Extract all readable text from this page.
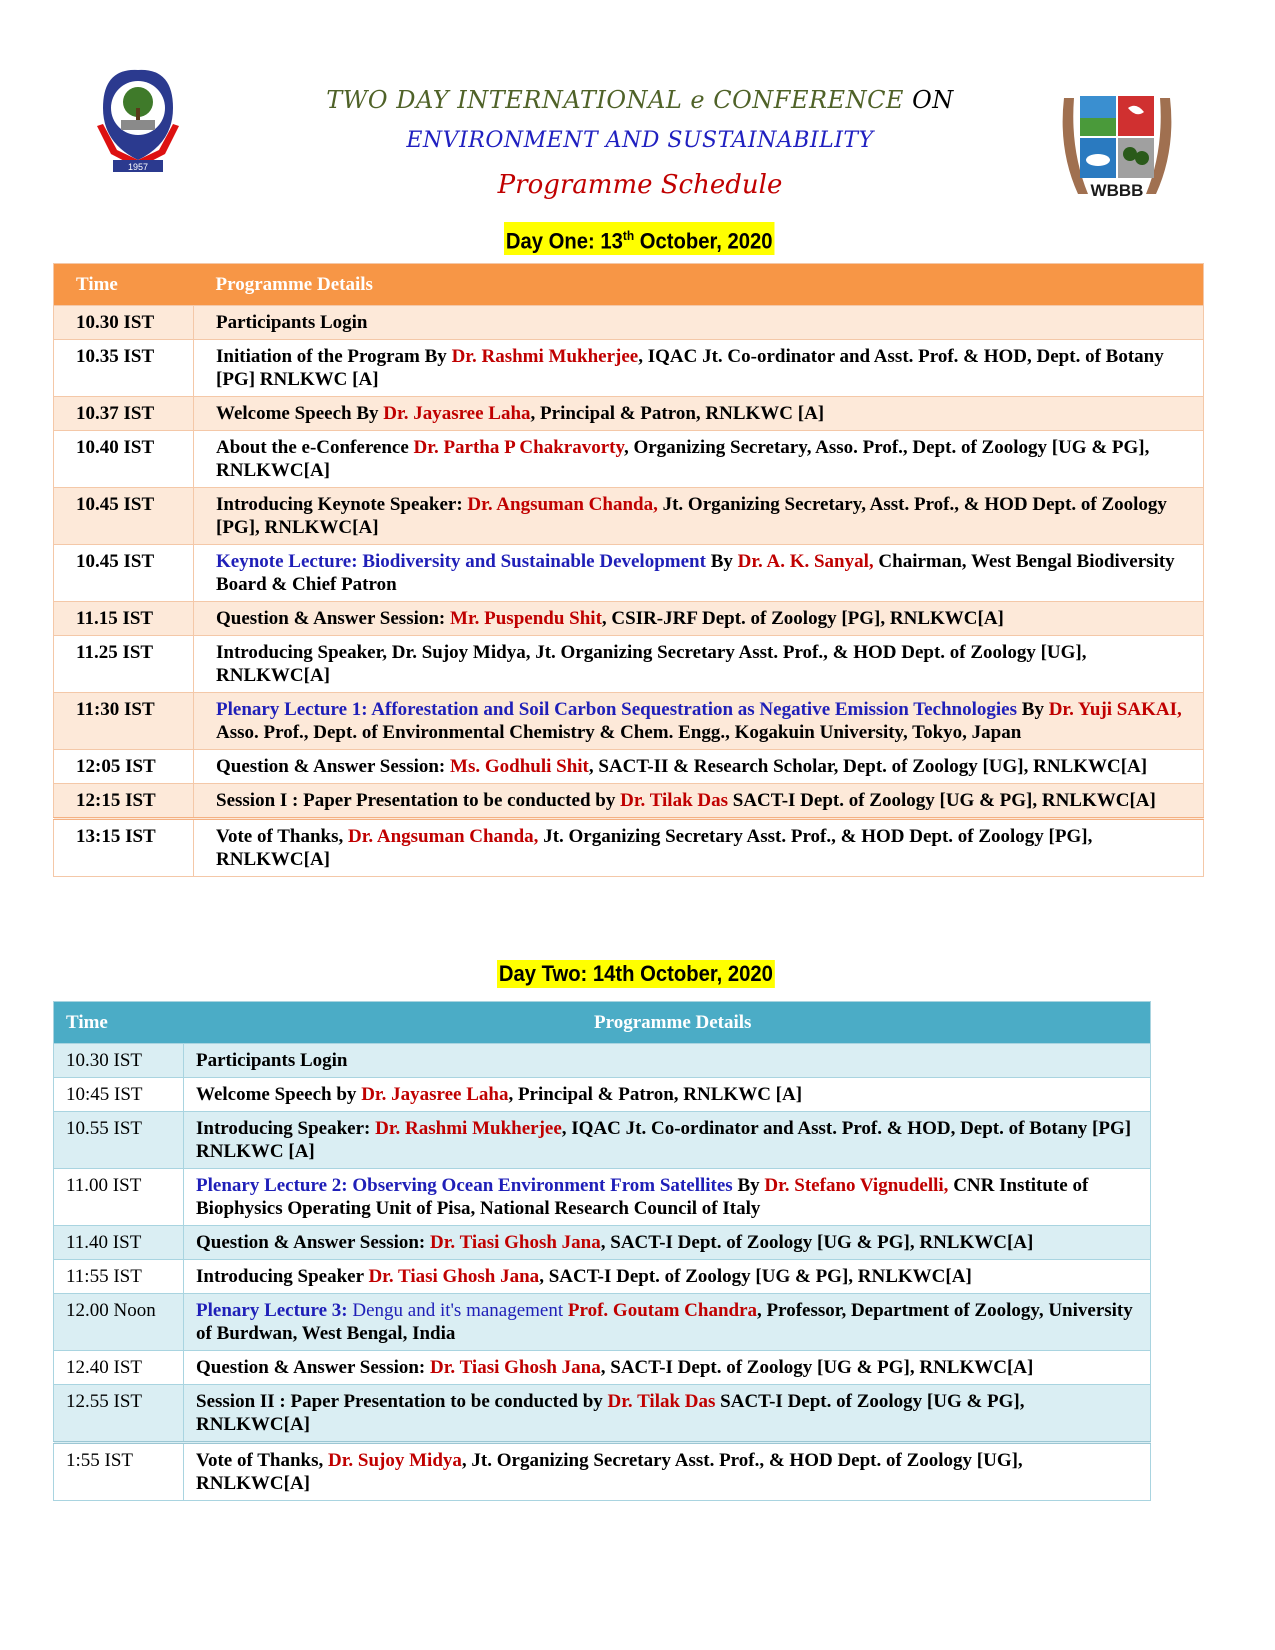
1957
WBBB
TWO DAY INTERNATIONAL e CONFERENCE ON
ENVIRONMENT AND SUSTAINABILITY
Programme Schedule
Day One: 13th October, 2020
Time	Programme Details
10.30 IST	Participants Login
10.35 IST	Initiation of the Program By Dr. Rashmi Mukherjee, IQAC Jt. Co-ordinator and Asst. Prof. & HOD, Dept. of Botany [PG] RNLKWC [A]
10.37 IST	Welcome Speech By Dr. Jayasree Laha, Principal & Patron, RNLKWC [A]
10.40 IST	About the e-Conference Dr. Partha P Chakravorty, Organizing Secretary, Asso. Prof., Dept. of Zoology [UG & PG], RNLKWC[A]
10.45 IST	Introducing Keynote Speaker: Dr. Angsuman Chanda, Jt. Organizing Secretary, Asst. Prof., & HOD Dept. of Zoology [PG], RNLKWC[A]
10.45 IST	Keynote Lecture: Biodiversity and Sustainable Development By Dr. A. K. Sanyal, Chairman, West Bengal Biodiversity Board & Chief Patron
11.15 IST	Question & Answer Session: Mr. Puspendu Shit, CSIR-JRF Dept. of Zoology [PG], RNLKWC[A]
11.25 IST	Introducing Speaker, Dr. Sujoy Midya, Jt. Organizing Secretary Asst. Prof., & HOD Dept. of Zoology [UG], RNLKWC[A]
11:30 IST	Plenary Lecture 1: Afforestation and Soil Carbon Sequestration as Negative Emission Technologies By Dr. Yuji SAKAI, Asso. Prof., Dept. of Environmental Chemistry & Chem. Engg., Kogakuin University, Tokyo, Japan
12:05 IST	Question & Answer Session: Ms. Godhuli Shit, SACT-II & Research Scholar, Dept. of Zoology [UG], RNLKWC[A]
12:15 IST	Session I : Paper Presentation to be conducted by Dr. Tilak Das SACT-I Dept. of Zoology [UG & PG], RNLKWC[A]
13:15 IST	Vote of Thanks, Dr. Angsuman Chanda, Jt. Organizing Secretary Asst. Prof., & HOD Dept. of Zoology [PG], RNLKWC[A]
Day Two: 14th October, 2020
Time	Programme Details
10.30 IST	Participants Login
10:45 IST	Welcome Speech by Dr. Jayasree Laha, Principal & Patron, RNLKWC [A]
10.55 IST	Introducing Speaker: Dr. Rashmi Mukherjee, IQAC Jt. Co-ordinator and Asst. Prof. & HOD, Dept. of Botany [PG] RNLKWC [A]
11.00 IST	Plenary Lecture 2: Observing Ocean Environment From Satellites By Dr. Stefano Vignudelli, CNR Institute of Biophysics Operating Unit of Pisa, National Research Council of Italy
11.40 IST	Question & Answer Session: Dr. Tiasi Ghosh Jana, SACT-I Dept. of Zoology [UG & PG], RNLKWC[A]
11:55 IST	Introducing Speaker Dr. Tiasi Ghosh Jana, SACT-I Dept. of Zoology [UG & PG], RNLKWC[A]
12.00 Noon	Plenary Lecture 3: Dengu and it's management Prof. Goutam Chandra, Professor, Department of Zoology, University of Burdwan, West Bengal, India
12.40 IST	Question & Answer Session: Dr. Tiasi Ghosh Jana, SACT-I Dept. of Zoology [UG & PG], RNLKWC[A]
12.55 IST	Session II : Paper Presentation to be conducted by Dr. Tilak Das SACT-I Dept. of Zoology [UG & PG], RNLKWC[A]
1:55 IST	Vote of Thanks, Dr. Sujoy Midya, Jt. Organizing Secretary Asst. Prof., & HOD Dept. of Zoology [UG], RNLKWC[A]
